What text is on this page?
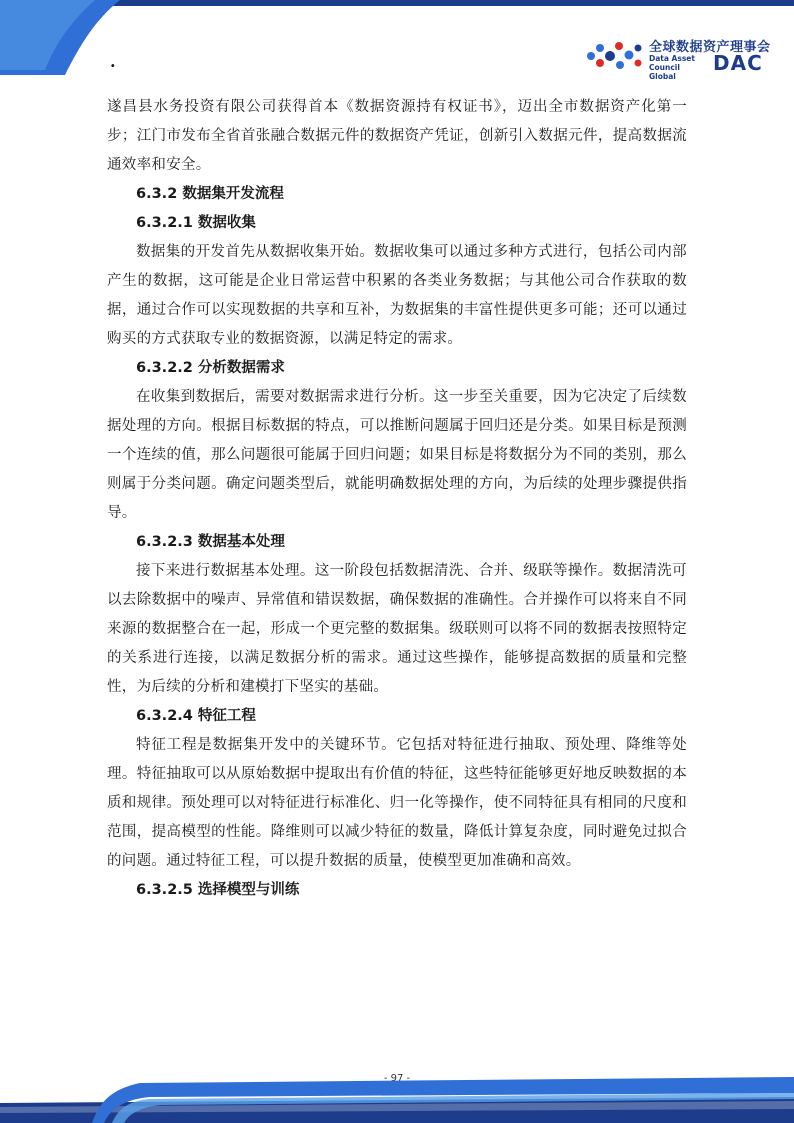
全球数据资产理事会
Data Asset
Council Global
DAC
.

遂昌县水务投资有限公司获得首本《数据资源持有权证书》，迈出全市数据资产化第一步；江门市发布全省首张融合数据元件的数据资产凭证，创新引入数据元件，提高数据流通效率和安全。

6.3.2 数据集开发流程
6.3.2.1 数据收集

数据集的开发首先从数据收集开始。数据收集可以通过多种方式进行，包括公司内部产生的数据，这可能是企业日常运营中积累的各类业务数据；与其他公司合作获取的数据，通过合作可以实现数据的共享和互补，为数据集的丰富性提供更多可能；还可以通过购买的方式获取专业的数据资源，以满足特定的需求。

6.3.2.2 分析数据需求

在收集到数据后，需要对数据需求进行分析。这一步至关重要，因为它决定了后续数据处理的方向。根据目标数据的特点，可以推断问题属于回归还是分类。如果目标是预测一个连续的值，那么问题很可能属于回归问题；如果目标是将数据分为不同的类别，那么则属于分类问题。确定问题类型后，就能明确数据处理的方向，为后续的处理步骤提供指导。

6.3.2.3 数据基本处理

接下来进行数据基本处理。这一阶段包括数据清洗、合并、级联等操作。数据清洗可以去除数据中的噪声、异常值和错误数据，确保数据的准确性。合并操作可以将来自不同来源的数据整合在一起，形成一个更完整的数据集。级联则可以将不同的数据表按照特定的关系进行连接，以满足数据分析的需求。通过这些操作，能够提高数据的质量和完整性，为后续的分析和建模打下坚实的基础。

6.3.2.4 特征工程

特征工程是数据集开发中的关键环节。它包括对特征进行抽取、预处理、降维等处理。特征抽取可以从原始数据中提取出有价值的特征，这些特征能够更好地反映数据的本质和规律。预处理可以对特征进行标准化、归一化等操作，使不同特征具有相同的尺度和范围，提高模型的性能。降维则可以减少特征的数量，降低计算复杂度，同时避免过拟合的问题。通过特征工程，可以提升数据的质量，使模型更加准确和高效。

6.3.2.5 选择模型与训练
- 97 -
